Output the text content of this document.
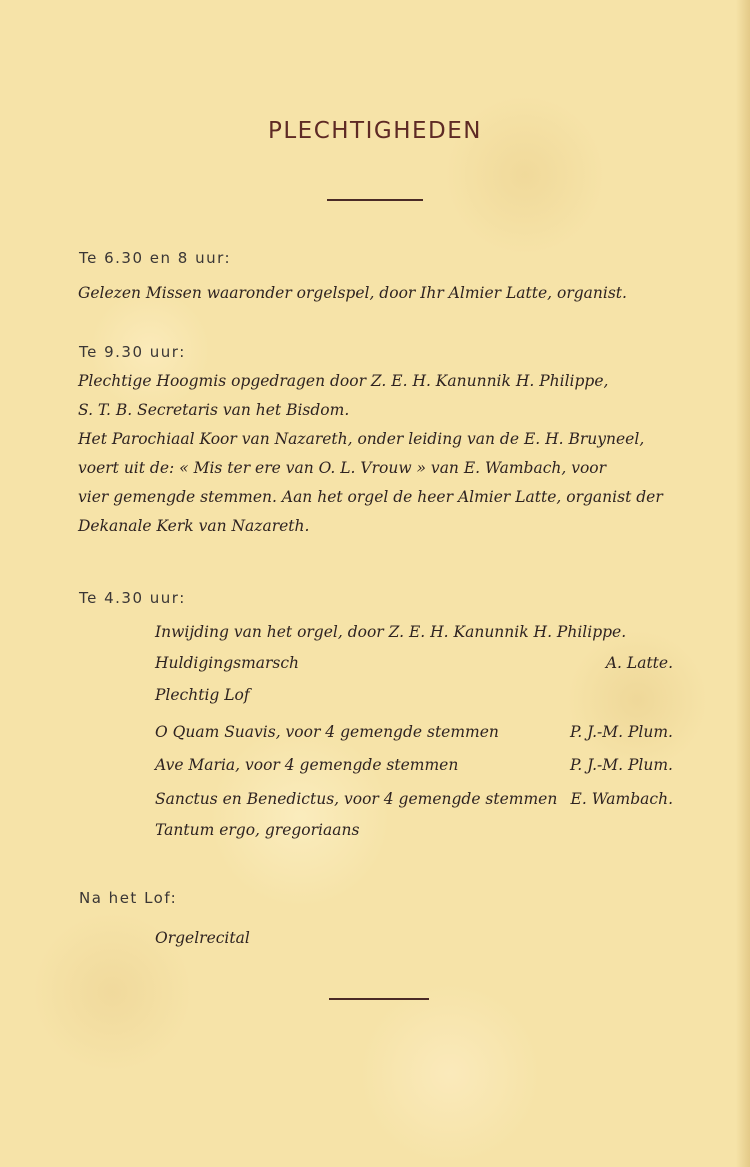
PLECHTIGHEDEN
Te 6.30 en 8 uur:
Gelezen Missen waaronder orgelspel, door Ihr Almier Latte, organist.
Te 9.30 uur:
Plechtige Hoogmis opgedragen door Z. E. H. Kanunnik H. Philippe,
S. T. B. Secretaris van het Bisdom.
Het Parochiaal Koor van Nazareth, onder leiding van de E. H. Bruyneel,
voert uit de: « Mis ter ere van O. L. Vrouw » van E. Wambach, voor
vier gemengde stemmen. Aan het orgel de heer Almier Latte, organist der
Dekanale Kerk van Nazareth.
Te 4.30 uur:
Inwijding van het orgel, door Z. E. H. Kanunnik H. Philippe.
Huldigingsmarsch	A. Latte.
Plechtig Lof
O Quam Suavis, voor 4 gemengde stemmen	P. J.-M. Plum.
Ave Maria, voor 4 gemengde stemmen	P. J.-M. Plum.
Sanctus en Benedictus, voor 4 gemengde stemmen E. Wambach.
Tantum ergo, gregoriaans
Na het Lof:
Orgelrecital
